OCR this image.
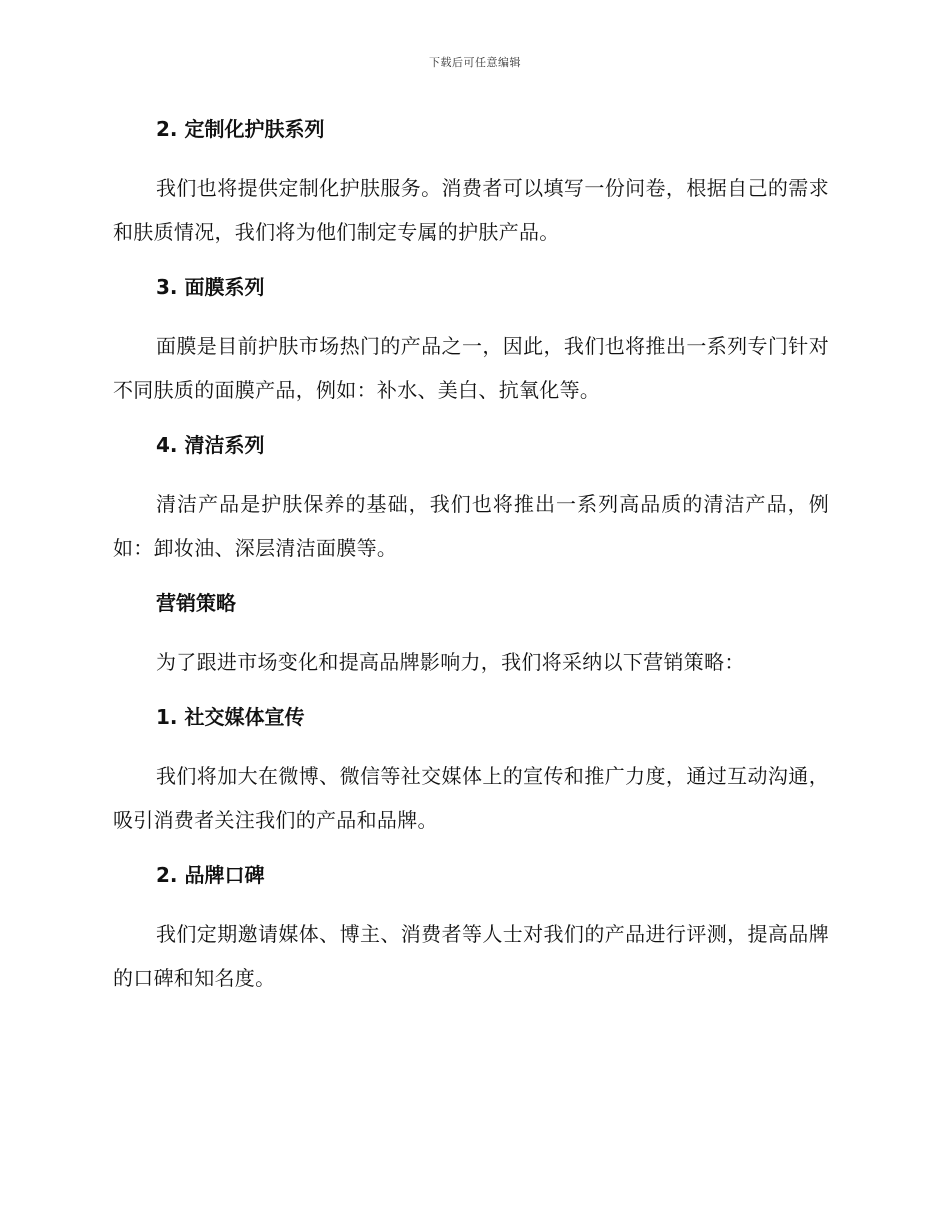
下载后可任意编辑
2. 定制化护肤系列

我们也将提供定制化护肤服务。消费者可以填写一份问卷，根据自己的需求和肤质情况，我们将为他们制定专属的护肤产品。

3. 面膜系列

面膜是目前护肤市场热门的产品之一，因此，我们也将推出一系列专门针对不同肤质的面膜产品，例如：补水、美白、抗氧化等。

4. 清洁系列

清洁产品是护肤保养的基础，我们也将推出一系列高品质的清洁产品，例如：卸妆油、深层清洁面膜等。

营销策略

为了跟进市场变化和提高品牌影响力，我们将采纳以下营销策略：

1. 社交媒体宣传

我们将加大在微博、微信等社交媒体上的宣传和推广力度，通过互动沟通，吸引消费者关注我们的产品和品牌。

2. 品牌口碑

我们定期邀请媒体、博主、消费者等人士对我们的产品进行评测，提高品牌的口碑和知名度。
